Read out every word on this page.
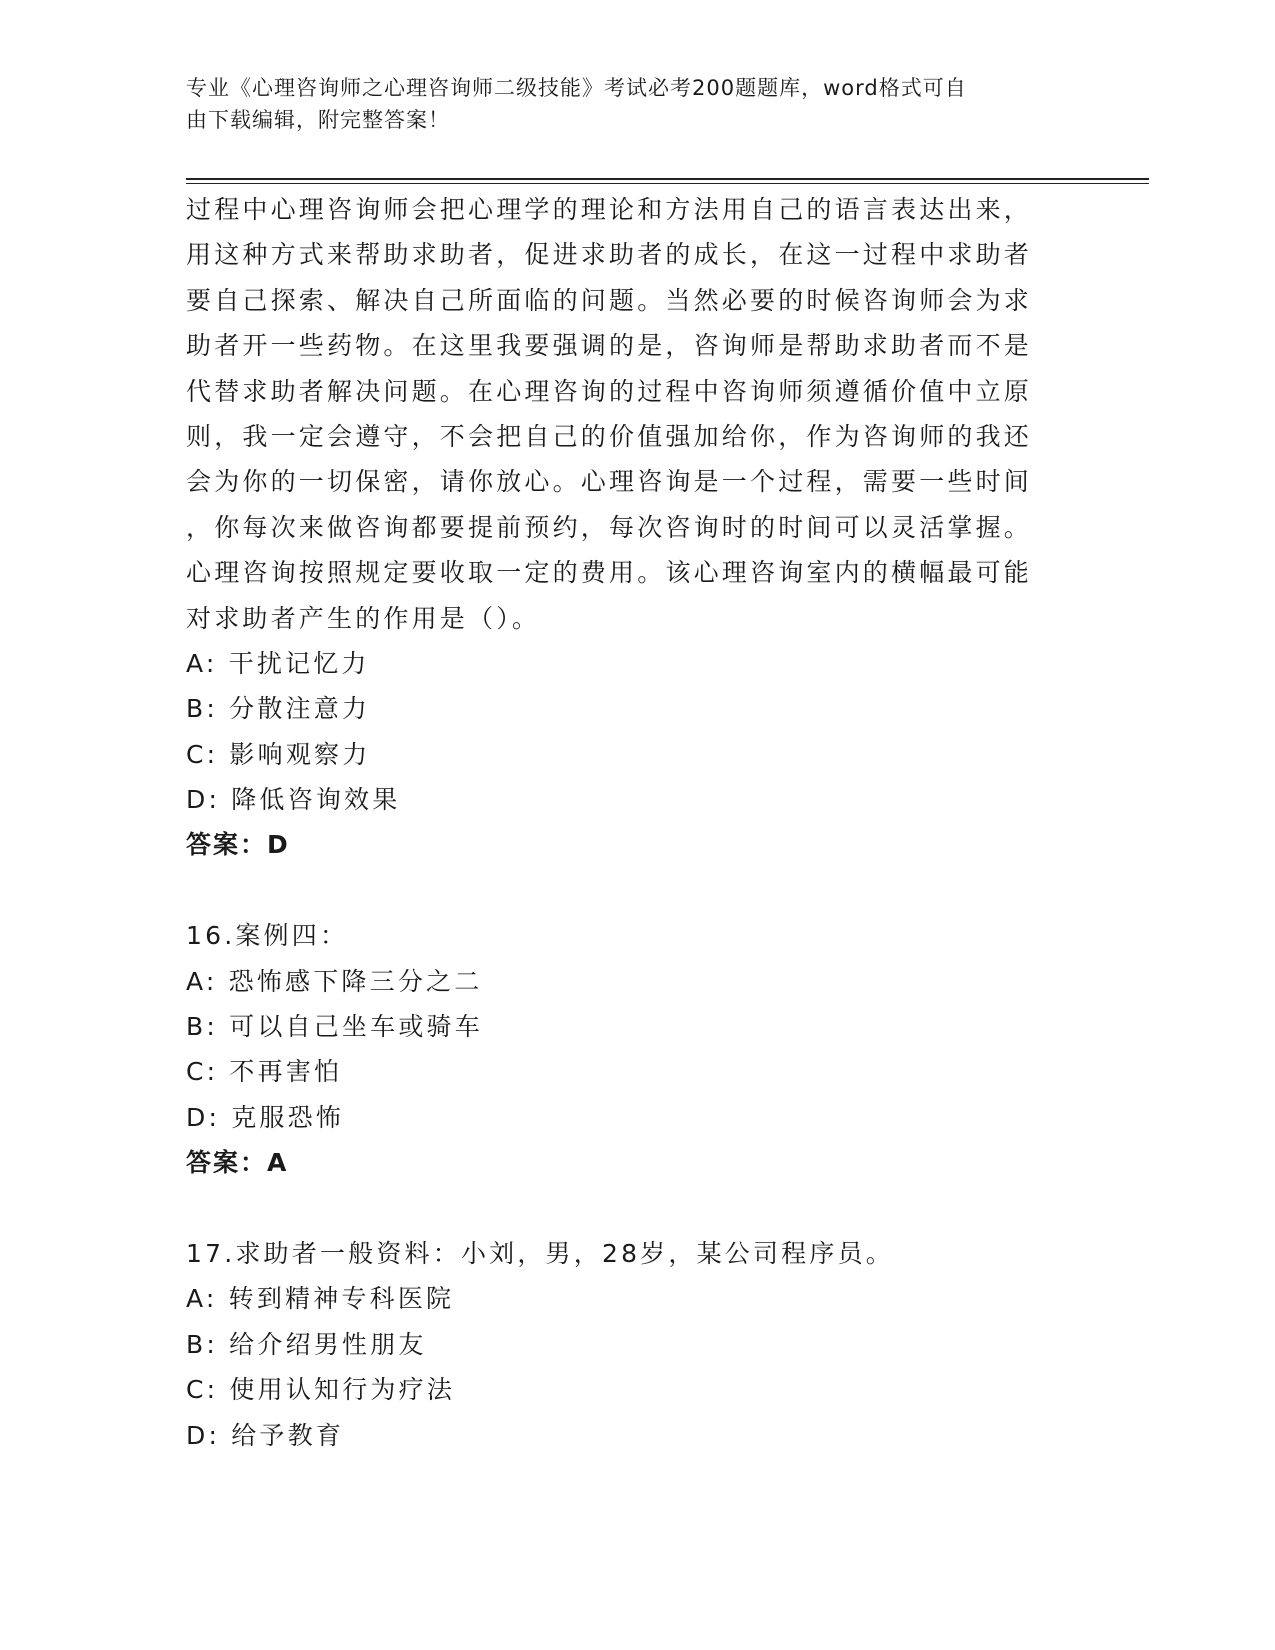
专业《心理咨询师之心理咨询师二级技能》考试必考200题题库，word格式可自
由下载编辑，附完整答案！
过程中心理咨询师会把心理学的理论和方法用自己的语言表达出来，
用这种方式来帮助求助者，促进求助者的成长，在这一过程中求助者
要自己探索、解决自己所面临的问题。当然必要的时候咨询师会为求
助者开一些药物。在这里我要强调的是，咨询师是帮助求助者而不是
代替求助者解决问题。在心理咨询的过程中咨询师须遵循价值中立原
则，我一定会遵守，不会把自己的价值强加给你，作为咨询师的我还
会为你的一切保密，请你放心。心理咨询是一个过程，需要一些时间
，你每次来做咨询都要提前预约，每次咨询时的时间可以灵活掌握。
心理咨询按照规定要收取一定的费用。该心理咨询室内的横幅最可能
对求助者产生的作用是（）。
A: 干扰记忆力
B: 分散注意力
C: 影响观察力
D: 降低咨询效果
答案：D
16.案例四：
A: 恐怖感下降三分之二
B: 可以自己坐车或骑车
C: 不再害怕
D: 克服恐怖
答案：A
17.求助者一般资料：小刘，男，28岁，某公司程序员。
A: 转到精神专科医院
B: 给介绍男性朋友
C: 使用认知行为疗法
D: 给予教育
